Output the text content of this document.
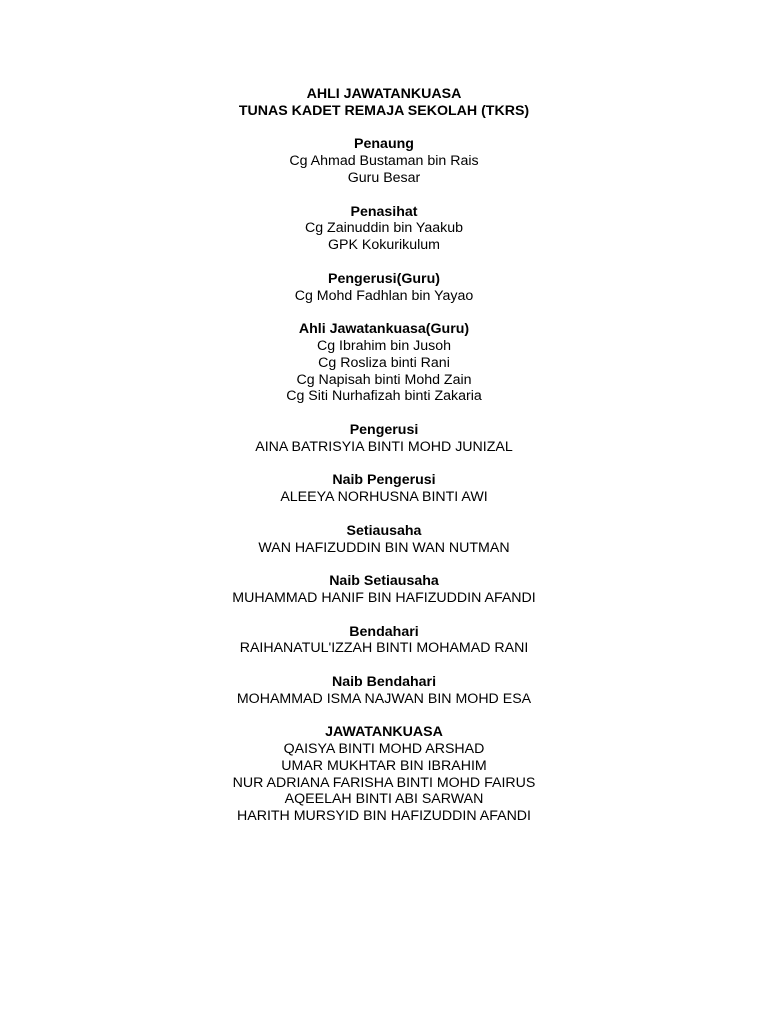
AHLI JAWATANKUASA
TUNAS KADET REMAJA SEKOLAH (TKRS)
Penaung
Cg Ahmad Bustaman bin Rais
Guru Besar
Penasihat
Cg Zainuddin bin Yaakub
GPK Kokurikulum
Pengerusi(Guru)
Cg Mohd Fadhlan bin Yayao
Ahli Jawatankuasa(Guru)
Cg Ibrahim bin Jusoh
Cg Rosliza binti Rani
Cg Napisah binti Mohd Zain
Cg Siti Nurhafizah binti Zakaria
Pengerusi
AINA BATRISYIA BINTI MOHD JUNIZAL
Naib Pengerusi
ALEEYA NORHUSNA BINTI AWI
Setiausaha
WAN HAFIZUDDIN BIN WAN NUTMAN
Naib Setiausaha
MUHAMMAD HANIF BIN HAFIZUDDIN AFANDI
Bendahari
RAIHANATUL'IZZAH BINTI MOHAMAD RANI
Naib Bendahari
MOHAMMAD ISMA NAJWAN BIN MOHD ESA
JAWATANKUASA
QAISYA BINTI MOHD ARSHAD
UMAR MUKHTAR BIN IBRAHIM
NUR ADRIANA FARISHA BINTI MOHD FAIRUS
AQEELAH BINTI ABI SARWAN
HARITH MURSYID BIN HAFIZUDDIN AFANDI
